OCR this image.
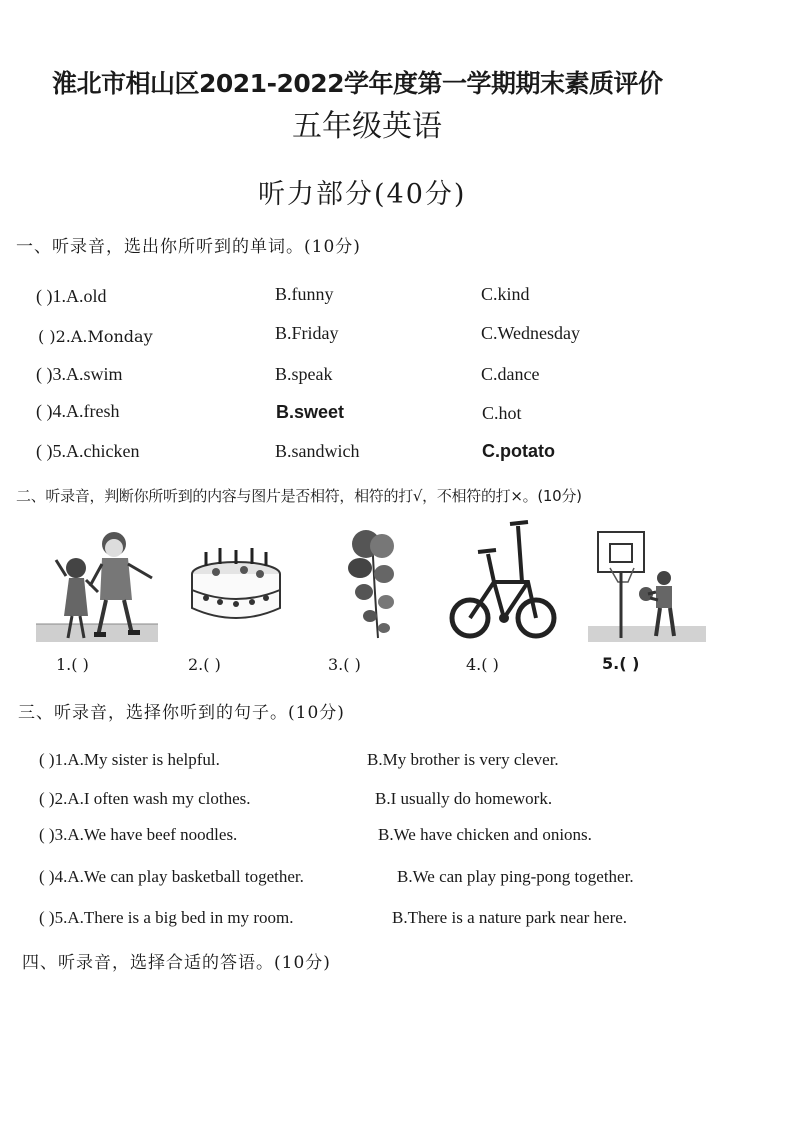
淮北市相山区2021-2022学年度第一学期期末素质评价
五年级英语
听力部分(40分)
一、听录音，选出你所听到的单词。(10分)
( )1.A.old	B.funny	C.kind
( )2.A.Monday	B.Friday	C.Wednesday
( )3.A.swim	B.speak	C.dance
( )4.A.fresh	B.sweet	C.hot
( )5.A.chicken	B.sandwich	C.potato
二、听录音，判断你所听到的内容与图片是否相符，相符的打√，不相符的打×。(10分)
1.( )	2.( )	3.( )	4.( )	5.( )
三、听录音，选择你听到的句子。(10分)
( )1.A.My sister is helpful.	B.My brother is very clever.
( )2.A.I often wash my clothes.	B.I usually do homework.
( )3.A.We have beef noodles.	B.We have chicken and onions.
( )4.A.We can play basketball together.	B.We can play ping-pong together.
( )5.A.There is a big bed in my room.	B.There is a nature park near here.
四、听录音，选择合适的答语。(10分)
